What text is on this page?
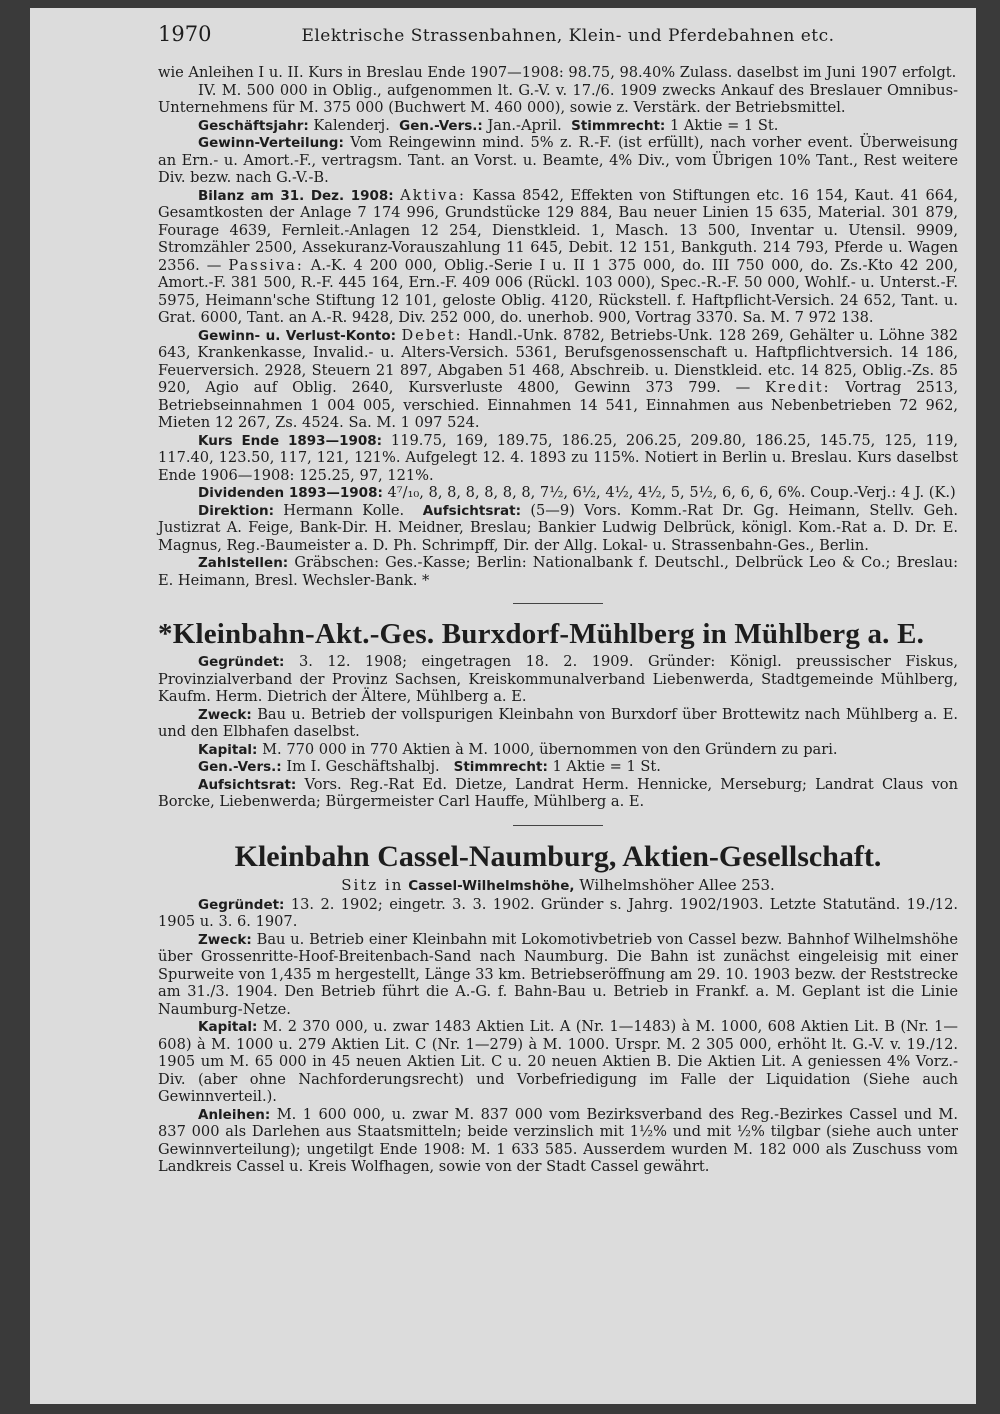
1970	Elektrische Strassenbahnen, Klein- und Pferdebahnen etc.

wie Anleihen I u. II. Kurs in Breslau Ende 1907—1908: 98.75, 98.40% Zulass. daselbst im Juni 1907 erfolgt.

IV. M. 500 000 in Oblig., aufgenommen lt. G.-V. v. 17./6. 1909 zwecks Ankauf des Breslauer Omnibus-Unternehmens für M. 375 000 (Buchwert M. 460 000), sowie z. Verstärk. der Betriebsmittel.

Geschäftsjahr: Kalenderj. Gen.-Vers.: Jan.-April. Stimmrecht: 1 Aktie = 1 St.

Gewinn-Verteilung: Vom Reingewinn mind. 5% z. R.-F. (ist erfüllt), nach vorher event. Überweisung an Ern.- u. Amort.-F., vertragsm. Tant. an Vorst. u. Beamte, 4% Div., vom Übrigen 10% Tant., Rest weitere Div. bezw. nach G.-V.-B.

Bilanz am 31. Dez. 1908: Aktiva: Kassa 8542, Effekten von Stiftungen etc. 16 154, Kaut. 41 664, Gesamtkosten der Anlage 7 174 996, Grundstücke 129 884, Bau neuer Linien 15 635, Material. 301 879, Fourage 4639, Fernleit.-Anlagen 12 254, Dienstkleid. 1, Masch. 13 500, Inventar u. Utensil. 9909, Stromzähler 2500, Assekuranz-Vorauszahlung 11 645, Debit. 12 151, Bankguth. 214 793, Pferde u. Wagen 2356. — Passiva: A.-K. 4 200 000, Oblig.-Serie I u. II 1 375 000, do. III 750 000, do. Zs.-Kto 42 200, Amort.-F. 381 500, R.-F. 445 164, Ern.-F. 409 006 (Rückl. 103 000), Spec.-R.-F. 50 000, Wohlf.- u. Unterst.-F. 5975, Heimann'sche Stiftung 12 101, geloste Oblig. 4120, Rückstell. f. Haftpflicht-Versich. 24 652, Tant. u. Grat. 6000, Tant. an A.-R. 9428, Div. 252 000, do. unerhob. 900, Vortrag 3370. Sa. M. 7 972 138.

Gewinn- u. Verlust-Konto: Debet: Handl.-Unk. 8782, Betriebs-Unk. 128 269, Gehälter u. Löhne 382 643, Krankenkasse, Invalid.- u. Alters-Versich. 5361, Berufsgenossenschaft u. Haftpflichtversich. 14 186, Feuerversich. 2928, Steuern 21 897, Abgaben 51 468, Abschreib. u. Dienstkleid. etc. 14 825, Oblig.-Zs. 85 920, Agio auf Oblig. 2640, Kursverluste 4800, Gewinn 373 799. — Kredit: Vortrag 2513, Betriebseinnahmen 1 004 005, verschied. Einnahmen 14 541, Einnahmen aus Nebenbetrieben 72 962, Mieten 12 267, Zs. 4524. Sa. M. 1 097 524.

Kurs Ende 1893—1908: 119.75, 169, 189.75, 186.25, 206.25, 209.80, 186.25, 145.75, 125, 119, 117.40, 123.50, 117, 121, 121%. Aufgelegt 12. 4. 1893 zu 115%. Notiert in Berlin u. Breslau. Kurs daselbst Ende 1906—1908: 125.25, 97, 121%.

Dividenden 1893—1908: 4⁷/₁₀, 8, 8, 8, 8, 8, 8, 7½, 6½, 4½, 4½, 5, 5½, 6, 6, 6, 6%. Coup.-Verj.: 4 J. (K.)

Direktion: Hermann Kolle. Aufsichtsrat: (5—9) Vors. Komm.-Rat Dr. Gg. Heimann, Stellv. Geh. Justizrat A. Feige, Bank-Dir. H. Meidner, Breslau; Bankier Ludwig Delbrück, königl. Kom.-Rat a. D. Dr. E. Magnus, Reg.-Baumeister a. D. Ph. Schrimpff, Dir. der Allg. Lokal- u. Strassenbahn-Ges., Berlin.

Zahlstellen: Gräbschen: Ges.-Kasse; Berlin: Nationalbank f. Deutschl., Delbrück Leo & Co.; Breslau: E. Heimann, Bresl. Wechsler-Bank. *

*Kleinbahn-Akt.-Ges. Burxdorf-Mühlberg in Mühlberg a. E.

Gegründet: 3. 12. 1908; eingetragen 18. 2. 1909. Gründer: Königl. preussischer Fiskus, Provinzialverband der Provinz Sachsen, Kreiskommunalverband Liebenwerda, Stadtgemeinde Mühlberg, Kaufm. Herm. Dietrich der Ältere, Mühlberg a. E.

Zweck: Bau u. Betrieb der vollspurigen Kleinbahn von Burxdorf über Brottewitz nach Mühlberg a. E. und den Elbhafen daselbst.

Kapital: M. 770 000 in 770 Aktien à M. 1000, übernommen von den Gründern zu pari.

Gen.-Vers.: Im I. Geschäftshalbj. Stimmrecht: 1 Aktie = 1 St.

Aufsichtsrat: Vors. Reg.-Rat Ed. Dietze, Landrat Herm. Hennicke, Merseburg; Landrat Claus von Borcke, Liebenwerda; Bürgermeister Carl Hauffe, Mühlberg a. E.

Kleinbahn Cassel-Naumburg, Aktien-Gesellschaft.
Sitz in Cassel-Wilhelmshöhe, Wilhelmshöher Allee 253.

Gegründet: 13. 2. 1902; eingetr. 3. 3. 1902. Gründer s. Jahrg. 1902/1903. Letzte Statutänd. 19./12. 1905 u. 3. 6. 1907.

Zweck: Bau u. Betrieb einer Kleinbahn mit Lokomotivbetrieb von Cassel bezw. Bahnhof Wilhelmshöhe über Grossenritte-Hoof-Breitenbach-Sand nach Naumburg. Die Bahn ist zunächst eingeleisig mit einer Spurweite von 1,435 m hergestellt, Länge 33 km. Betriebseröffnung am 29. 10. 1903 bezw. der Reststrecke am 31./3. 1904. Den Betrieb führt die A.-G. f. Bahn-Bau u. Betrieb in Frankf. a. M. Geplant ist die Linie Naumburg-Netze.

Kapital: M. 2 370 000, u. zwar 1483 Aktien Lit. A (Nr. 1—1483) à M. 1000, 608 Aktien Lit. B (Nr. 1—608) à M. 1000 u. 279 Aktien Lit. C (Nr. 1—279) à M. 1000. Urspr. M. 2 305 000, erhöht lt. G.-V. v. 19./12. 1905 um M. 65 000 in 45 neuen Aktien Lit. C u. 20 neuen Aktien B. Die Aktien Lit. A geniessen 4% Vorz.-Div. (aber ohne Nachforderungsrecht) und Vorbefriedigung im Falle der Liquidation (Siehe auch Gewinnverteil.).

Anleihen: M. 1 600 000, u. zwar M. 837 000 vom Bezirksverband des Reg.-Bezirkes Cassel und M. 837 000 als Darlehen aus Staatsmitteln; beide verzinslich mit 1½% und mit ½% tilgbar (siehe auch unter Gewinnverteilung); ungetilgt Ende 1908: M. 1 633 585. Ausserdem wurden M. 182 000 als Zuschuss vom Landkreis Cassel u. Kreis Wolfhagen, sowie von der Stadt Cassel gewährt.
